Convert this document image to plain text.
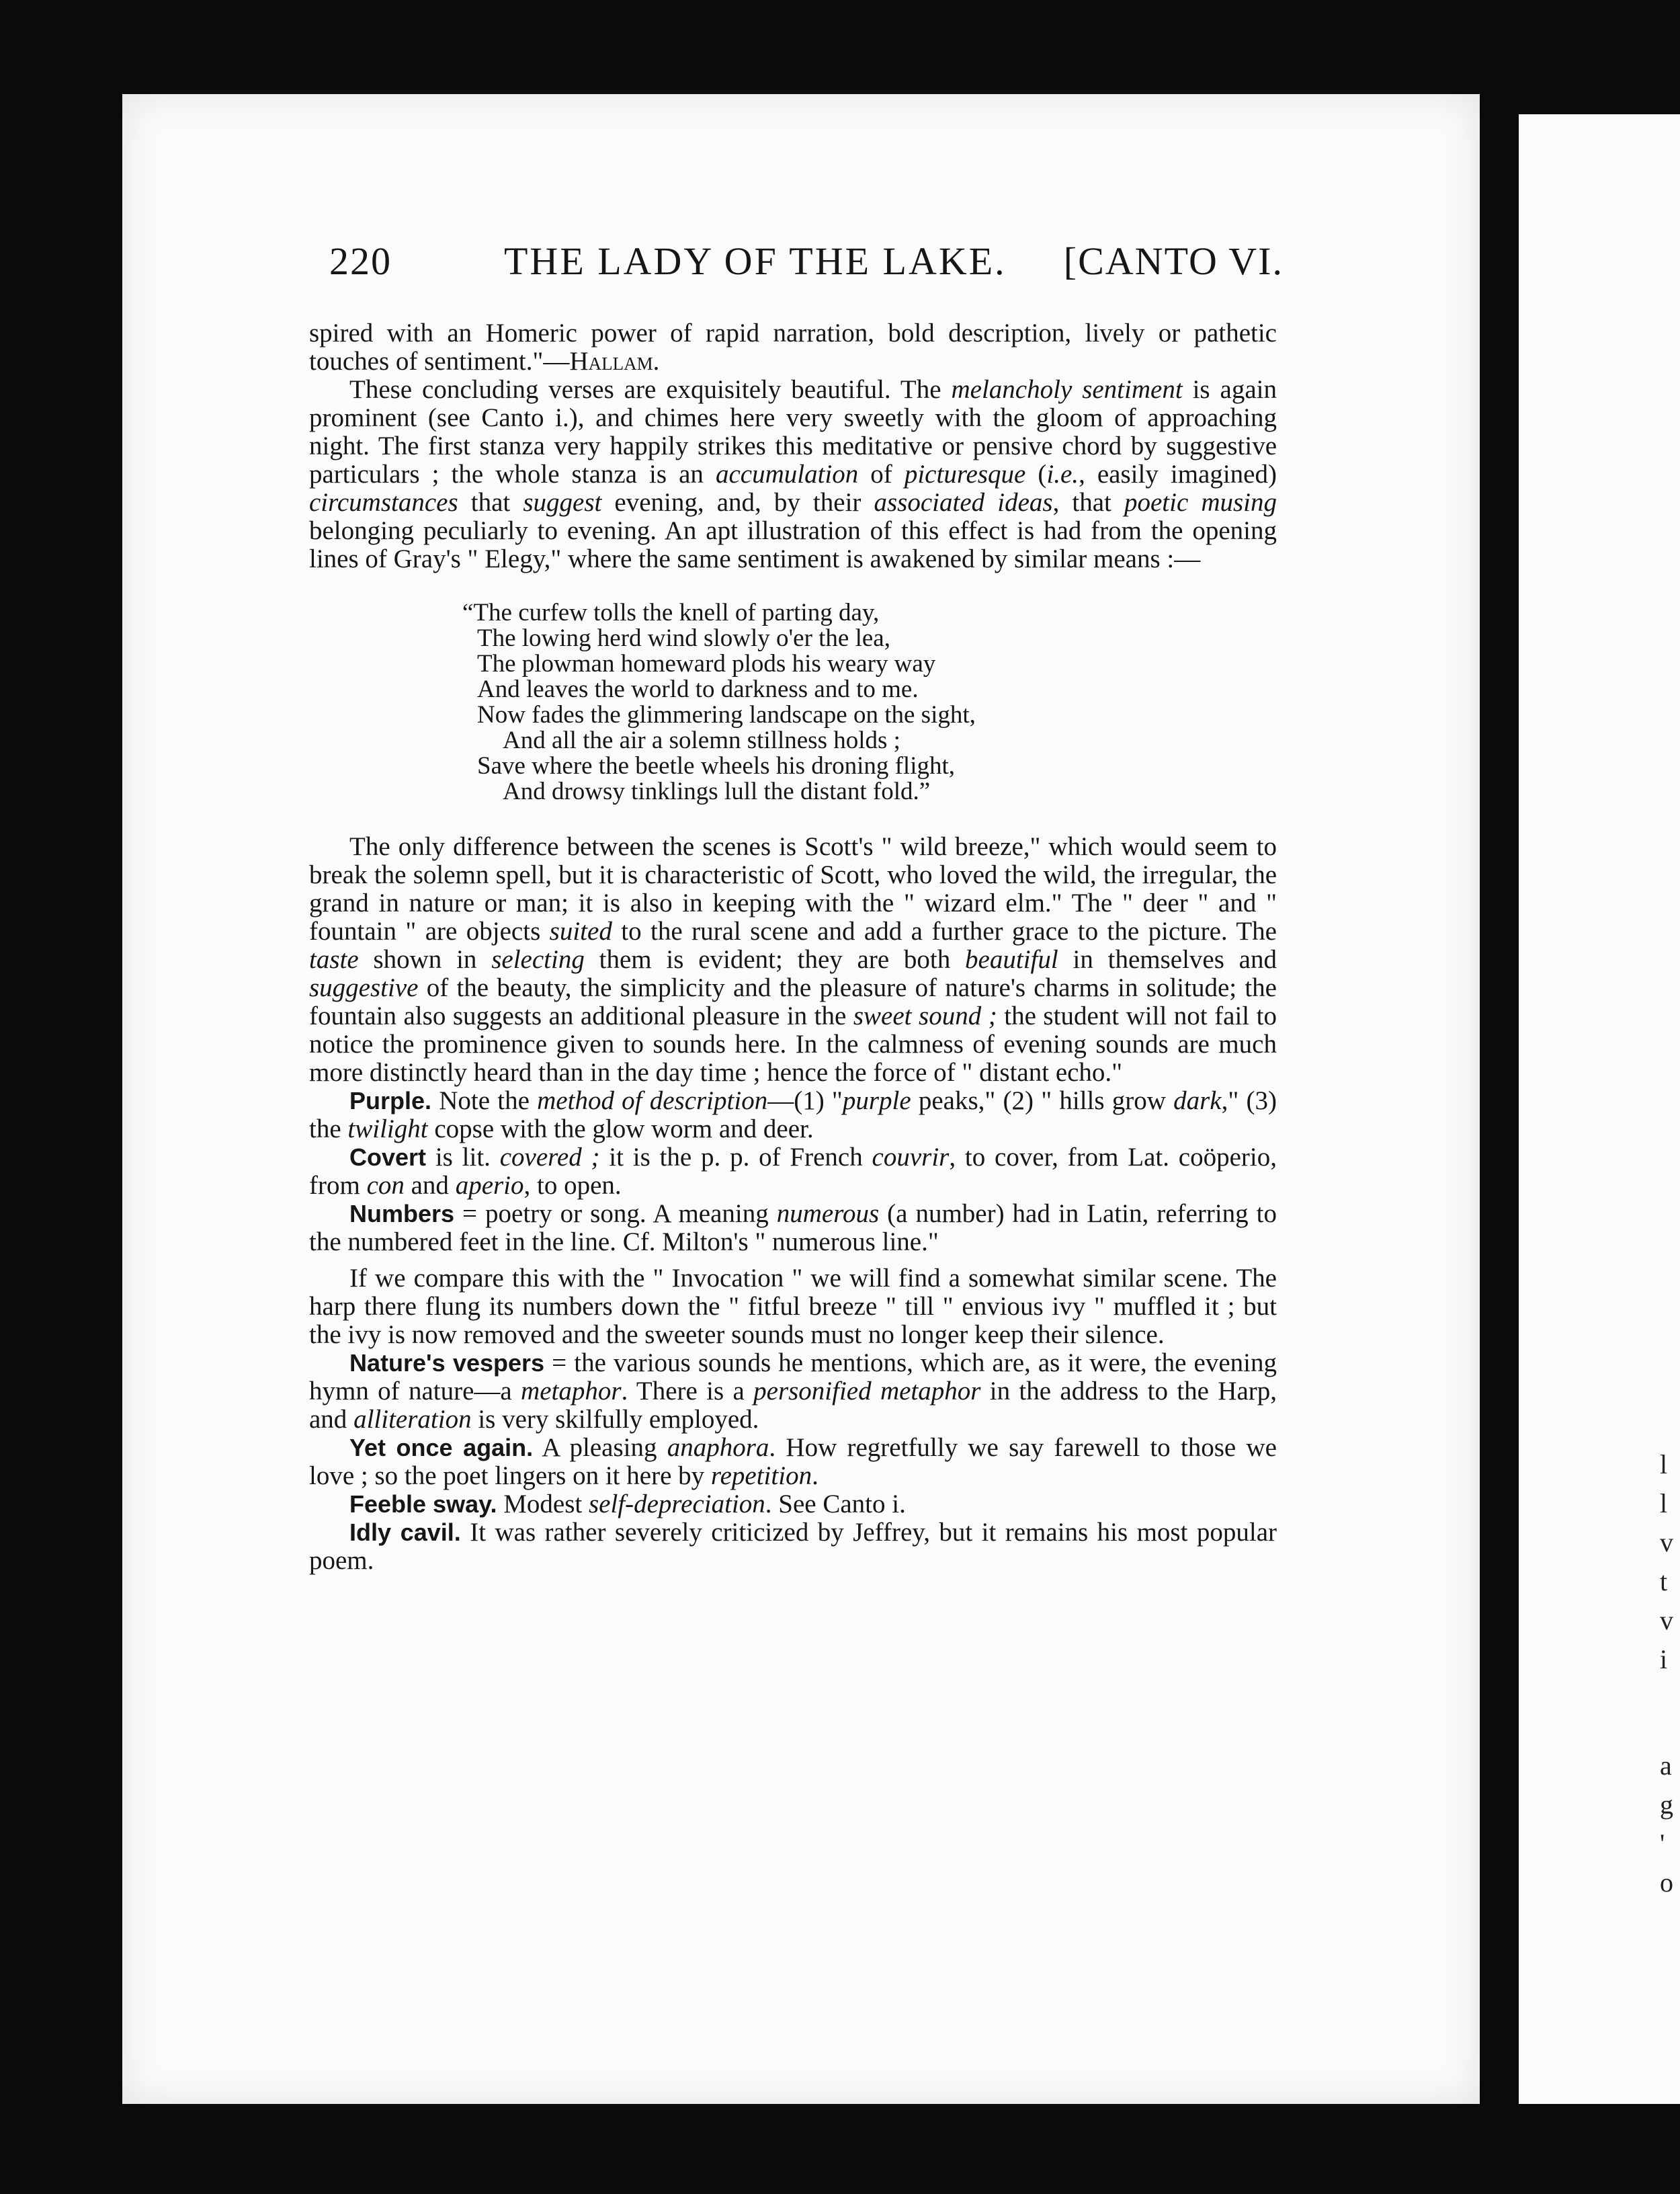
l
l
v
t
v
i
a
g
'
o
220	THE LADY OF THE LAKE. [CANTO VI.

spired with an Homeric power of rapid narration, bold description, lively or pathetic touches of sentiment."—Hallam.

These concluding verses are exquisitely beautiful. The melancholy sentiment is again prominent (see Canto i.), and chimes here very sweetly with the gloom of approaching night. The first stanza very happily strikes this meditative or pensive chord by suggestive particulars ; the whole stanza is an accumulation of picturesque (i.e., easily imagined) circumstances that suggest evening, and, by their associated ideas, that poetic musing belonging peculiarly to evening. An apt illustration of this effect is had from the opening lines of Gray's " Elegy," where the same sentiment is awakened by similar means :—

“The curfew tolls the knell of parting day,
The lowing herd wind slowly o'er the lea,
The plowman homeward plods his weary way
And leaves the world to darkness and to me.
Now fades the glimmering landscape on the sight,
And all the air a solemn stillness holds ;
Save where the beetle wheels his droning flight,
And drowsy tinklings lull the distant fold.”

The only difference between the scenes is Scott's " wild breeze," which would seem to break the solemn spell, but it is characteristic of Scott, who loved the wild, the irregular, the grand in nature or man; it is also in keeping with the " wizard elm." The " deer " and " fountain " are objects suited to the rural scene and add a further grace to the picture. The taste shown in selecting them is evident; they are both beautiful in themselves and suggestive of the beauty, the simplicity and the pleasure of nature's charms in solitude; the fountain also suggests an additional pleasure in the sweet sound ; the student will not fail to notice the prominence given to sounds here. In the calmness of evening sounds are much more distinctly heard than in the day time ; hence the force of " distant echo."

Purple. Note the method of description—(1) "purple peaks," (2) " hills grow dark," (3) the twilight copse with the glow worm and deer.

Covert is lit. covered ; it is the p. p. of French couvrir, to cover, from Lat. coöperio, from con and aperio, to open.

Numbers = poetry or song. A meaning numerous (a number) had in Latin, referring to the numbered feet in the line. Cf. Milton's " numerous line."

If we compare this with the " Invocation " we will find a somewhat similar scene. The harp there flung its numbers down the " fitful breeze " till " envious ivy " muffled it ; but the ivy is now removed and the sweeter sounds must no longer keep their silence.

Nature's vespers = the various sounds he mentions, which are, as it were, the evening hymn of nature—a metaphor. There is a personified metaphor in the address to the Harp, and alliteration is very skilfully employed.

Yet once again. A pleasing anaphora. How regretfully we say farewell to those we love ; so the poet lingers on it here by repetition.

Feeble sway. Modest self-depreciation. See Canto i.

Idly cavil. It was rather severely criticized by Jeffrey, but it remains his most popular poem.
